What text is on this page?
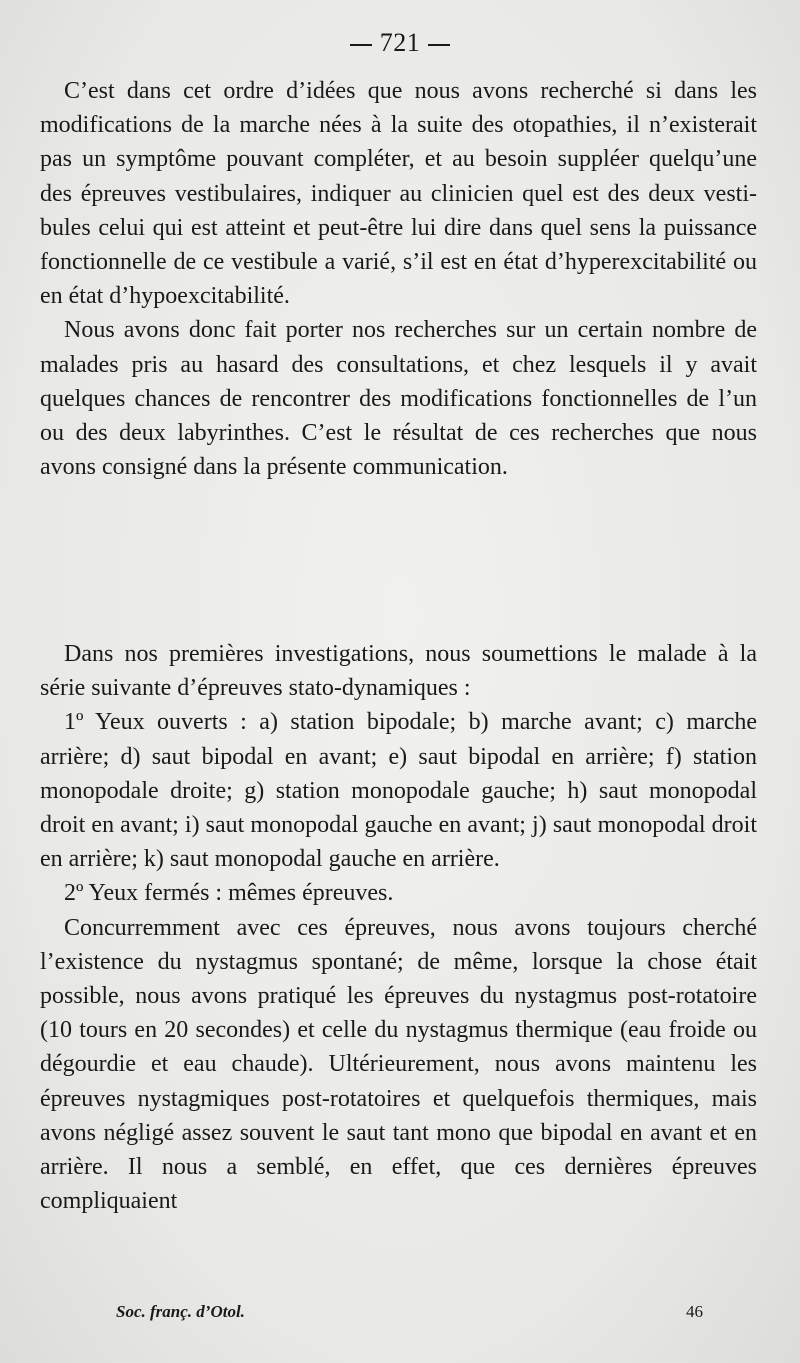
721

C’est dans cet ordre d’idées que nous avons recherché si dans les modifications de la marche nées à la suite des otopathies, il n’existerait pas un symptôme pouvant compléter, et au besoin suppléer quelqu’une des épreuves vestibulaires, indiquer au clinicien quel est des deux vestibules celui qui est atteint et peut-être lui dire dans quel sens la puissance fonctionnelle de ce vestibule a varié, s’il est en état d’hyperexcitabilité ou en état d’hypoexcitabilité.

Nous avons donc fait porter nos recherches sur un certain nombre de malades pris au hasard des consultations, et chez lesquels il y avait quelques chances de rencontrer des modifications fonctionnelles de l’un ou des deux labyrinthes. C’est le résultat de ces recherches que nous avons consigné dans la présente communication.

Dans nos premières investigations, nous soumettions le malade à la série suivante d’épreuves stato-dynamiques :

1º Yeux ouverts : a) station bipodale; b) marche avant; c) marche arrière; d) saut bipodal en avant; e) saut bipodal en arrière; f) station monopodale droite; g) station monopodale gauche; h) saut monopodal droit en avant; i) saut monopodal gauche en avant; j) saut monopodal droit en arrière; k) saut monopodal gauche en arrière.

2º Yeux fermés : mêmes épreuves.

Concurremment avec ces épreuves, nous avons toujours cherché l’existence du nystagmus spontané; de même, lorsque la chose était possible, nous avons pratiqué les épreuves du nystagmus post-rotatoire (10 tours en 20 secondes) et celle du nystagmus thermique (eau froide ou dégourdie et eau chaude). Ultérieurement, nous avons maintenu les épreuves nystagmiques post-rotatoires et quelquefois thermiques, mais avons négligé assez souvent le saut tant mono que bipodal en avant et en arrière. Il nous a semblé, en effet, que ces dernières épreuves compliquaient

Soc. franç. d’Otol.	46
